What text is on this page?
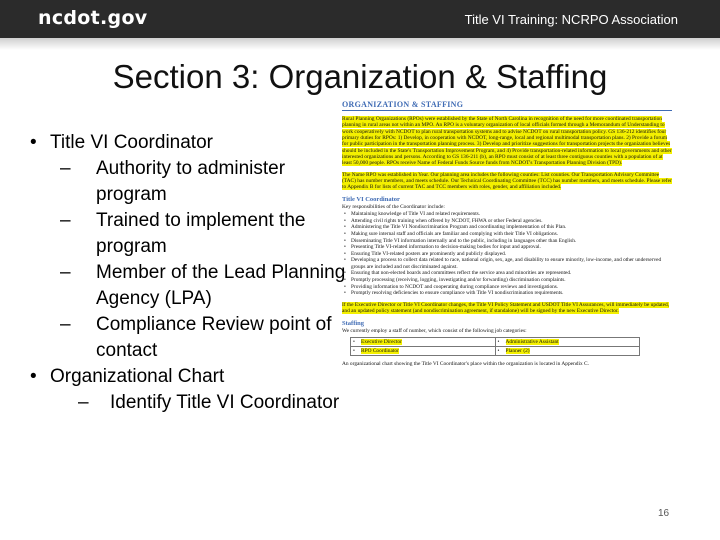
ncdot.gov	Title VI Training: NCRPO Association
Section 3: Organization & Staffing
• Title VI Coordinator
– Authority to administer program
– Trained to implement the program
– Member of the Lead Planning Agency (LPA)
– Compliance Review point of contact
• Organizational Chart
– Identify Title VI Coordinator
ORGANIZATION & STAFFING
Rural Planning Organizations (RPOs) were established by the State of North Carolina in recognition of the need for more coordinated transportation planning in rural areas not within an MPO. An RPO is a voluntary organization of local officials formed through a Memorandum of Understanding to work cooperatively with NCDOT to plan rural transportation systems and to advise NCDOT on rural transportation policy. GS 136-212 identifies four primary duties for RPOs: 1) Develop, in cooperation with NCDOT, long-range, local and regional multimodal transportation plans. 2) Provide a forum for public participation in the transportation planning process. 3) Develop and prioritize suggestions for transportation projects the organization believes should be included in the State's Transportation Improvement Program, and 4) Provide transportation-related information to local governments and other interested organizations and persons. According to GS 136-211 (b), an RPO must consist of at least three contiguous counties with a population of at least 50,000 people. RPOs receive Name of Federal Funds Source funds from NCDOT's Transportation Planning Division (TPD).
The Name RPO was established in Year. Our planning area includes the following counties: List counties. Our Transportation Advisory Committee (TAC) has number members, and meets schedule. Our Technical Coordinating Committee (TCC) has number members, and meets schedule. Please refer to Appendix B for lists of current TAC and TCC members with roles, gender, and affiliation included.
Title VI Coordinator
Key responsibilities of the Coordinator include:
• Maintaining knowledge of Title VI and related requirements.
• Attending civil rights training when offered by NCDOT, FHWA or other Federal agencies.
• Administering the Title VI Nondiscrimination Program and coordinating implementation of this Plan.
• Making sure internal staff and officials are familiar and complying with their Title VI obligations.
• Disseminating Title VI information internally and to the public, including in languages other than English.
• Presenting Title VI-related information to decision-making bodies for input and approval.
• Ensuring Title VI-related posters are prominently and publicly displayed.
• Developing a process to collect data related to race, national origin, sex, age, and disability to ensure minority, low-income, and other underserved groups are included and not discriminated against.
• Ensuring that non-elected boards and committees reflect the service area and minorities are represented.
• Promptly processing (receiving, logging, investigating and/or forwarding) discrimination complaints.
• Providing information to NCDOT and cooperating during compliance reviews and investigations.
• Promptly resolving deficiencies to ensure compliance with Title VI nondiscrimination requirements.
If the Executive Director or Title VI Coordinator changes, the Title VI Policy Statement and USDOT Title VI Assurances, will immediately be updated, and an updated policy statement (and nondiscrimination agreement, if standalone) will be signed by the new Executive Director.
Staffing
We currently employ a staff of number, which consist of the following job categories:
• Executive Director	• Administrative Assistant
• RPO Coordinator	• Planner (2)
An organizational chart showing the Title VI Coordinator's place within the organization is located in Appendix C.
16
